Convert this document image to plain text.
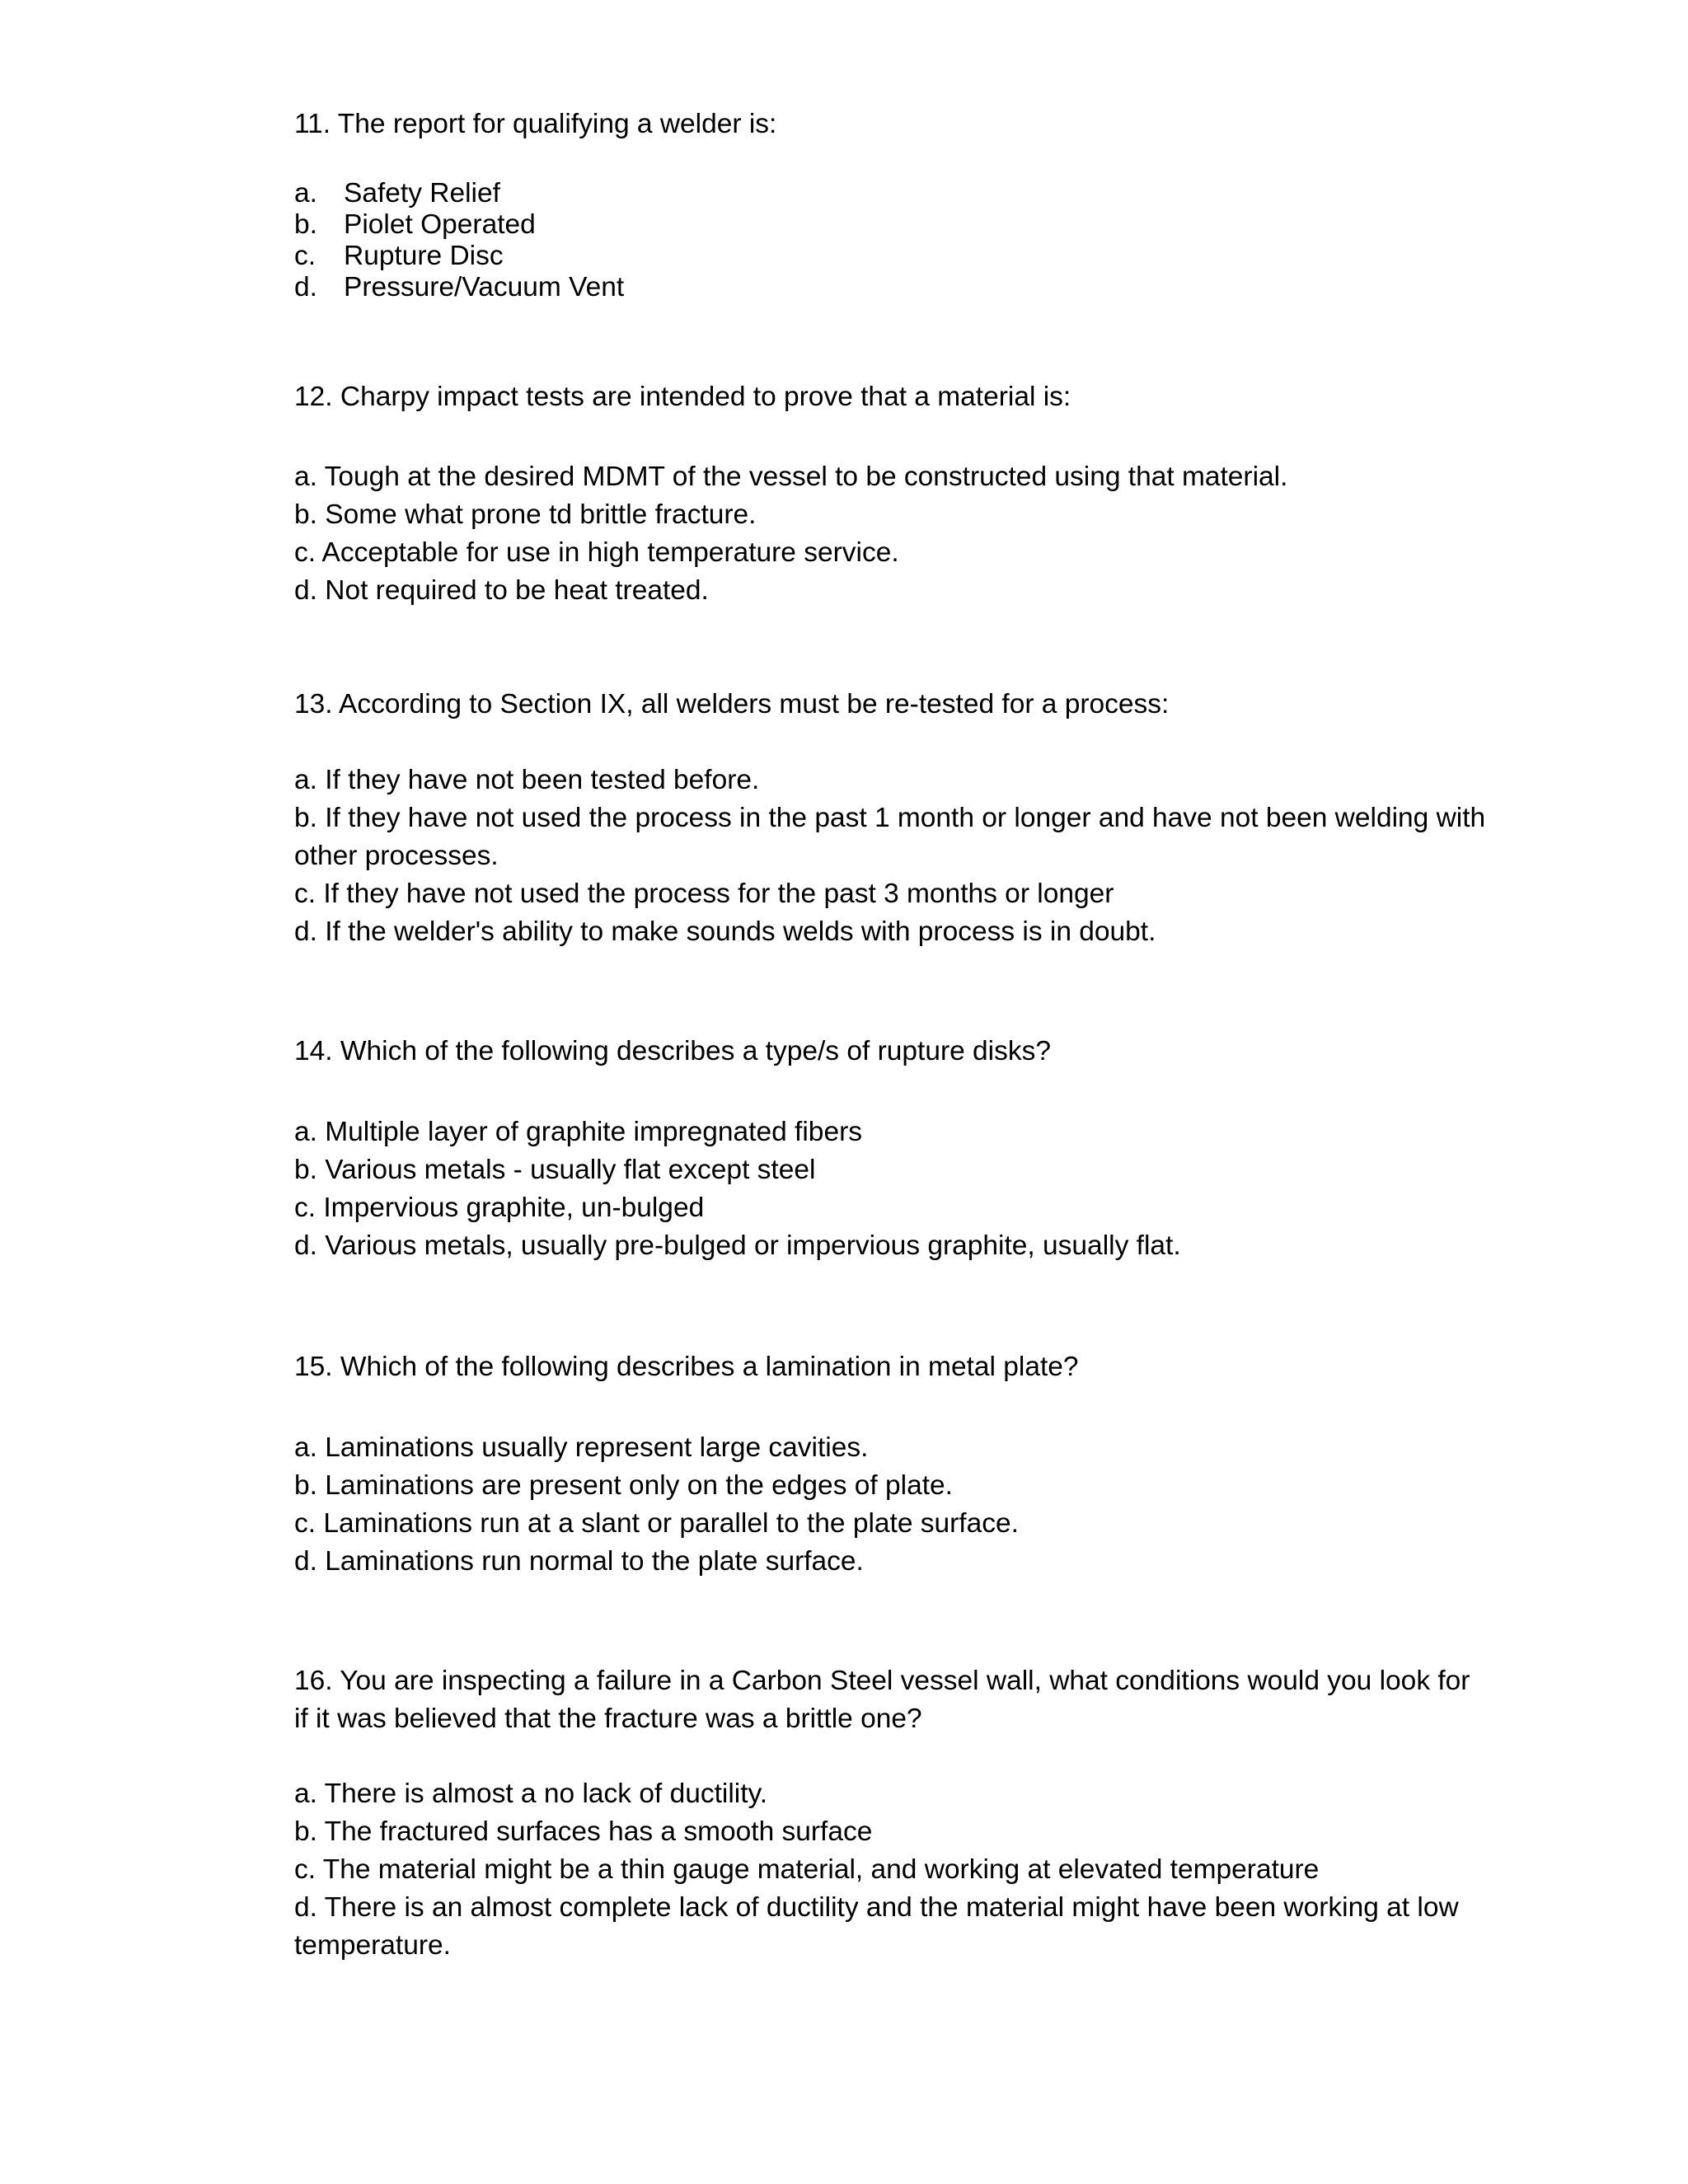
11. The report for qualifying a welder is:

a. Safety Relief
b. Piolet Operated
c. Rupture Disc
d. Pressure/Vacuum Vent

12. Charpy impact tests are intended to prove that a material is:

a. Tough at the desired MDMT of the vessel to be constructed using that material.
b. Some what prone td brittle fracture.
c. Acceptable for use in high temperature service.
d. Not required to be heat treated.

13. According to Section IX, all welders must be re-tested for a process:

a. If they have not been tested before.
b. If they have not used the process in the past 1 month or longer and have not been welding with other processes.
c. If they have not used the process for the past 3 months or longer
d. If the welder's ability to make sounds welds with process is in doubt.

14. Which of the following describes a type/s of rupture disks?

a. Multiple layer of graphite impregnated fibers
b. Various metals - usually flat except steel
c. Impervious graphite, un-bulged
d. Various metals, usually pre-bulged or impervious graphite, usually flat.

15. Which of the following describes a lamination in metal plate?

a. Laminations usually represent large cavities.
b. Laminations are present only on the edges of plate.
c. Laminations run at a slant or parallel to the plate surface.
d. Laminations run normal to the plate surface.

16. You are inspecting a failure in a Carbon Steel vessel wall, what conditions would you look for if it was believed that the fracture was a brittle one?

a. There is almost a no lack of ductility.
b. The fractured surfaces has a smooth surface
c. The material might be a thin gauge material, and working at elevated temperature
d. There is an almost complete lack of ductility and the material might have been working at low temperature.
